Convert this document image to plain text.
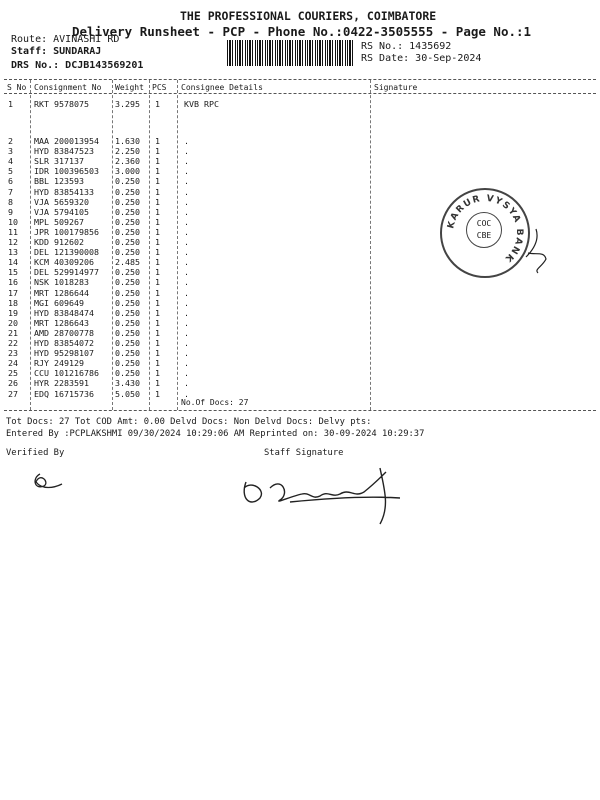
THE PROFESSIONAL COURIERS, COIMBATORE
Delivery Runsheet - PCP - Phone No.:0422-3505555 - Page No.:1
Route: AVINASHI RD
Staff: SUNDARAJ
DRS No.: DCJB143569201
RS No.: 1435692
RS Date: 30-Sep-2024
S No Consignment No Weight PCS Consignee Details	Signature
1	RKT 9578075	3.295 1	KVB RPC
2	MAA 200013954 1.630 1	.
3	HYD 83847523	2.250 1	.
4	SLR 317137	2.360 1	.
5	IDR 100396503 3.000 1	.
6	BBL 123593	0.250 1	.
7	HYD 83854133	0.250 1	.
8	VJA 5659320	0.250 1	.
9	VJA 5794105	0.250 1	.
10 MPL 509267	0.250 1	.
11 JPR 100179856 0.250 1	.
12 KDD 912602	0.250 1	.
13 DEL 121390008 0.250 1	.
14 KCM 40309206	2.485 1	.
15 DEL 529914977 0.250 1	.
16 NSK 1018283	0.250 1	.
17 MRT 1286644	0.250 1	.
18 MGI 609649	0.250 1	.
19 HYD 83848474	0.250 1	.
20 MRT 1286643	0.250 1	.
21 AMD 28700778	0.250 1	.
22 HYD 83854072	0.250 1	.
23 HYD 95298107	0.250 1	.
24 RJY 249129	0.250 1	.
25 CCU 101216786 0.250 1	.
26 HYR 2283591	3.430 1	.
27 EDQ 16715736	5.050 1	.
No.Of Docs: 27
KARUR VYSYA BANK
COC
CBE
Tot Docs: 27 Tot COD Amt: 0.00 Delvd Docs: Non Delvd Docs: Delvy pts:
Entered By :PCPLAKSHMI 09/30/2024 10:29:06 AM Reprinted on: 30-09-2024 10:29:37
Verified By	Staff Signature
